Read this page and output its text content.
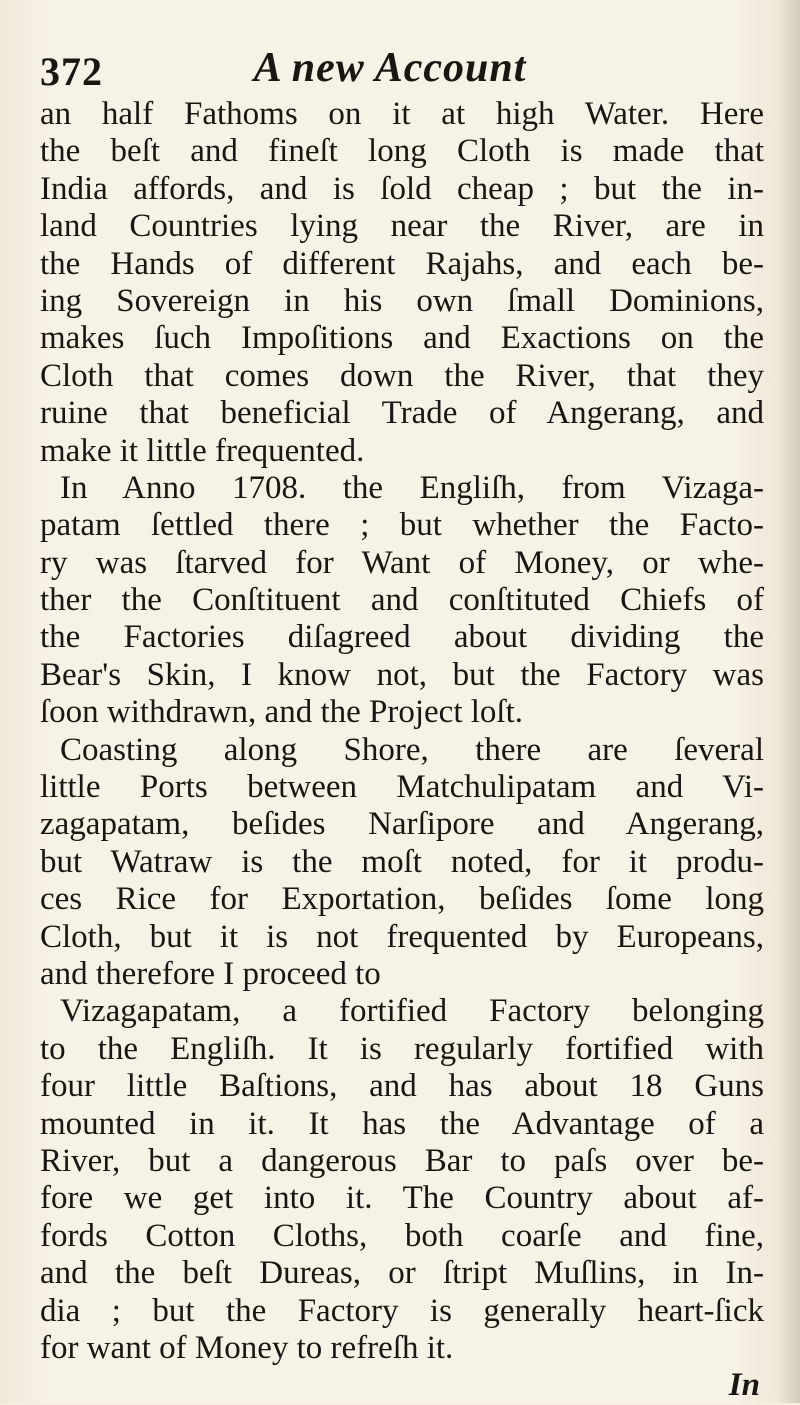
372	A new Account
an half Fathoms on it at high Water. Here
the beſt and fineſt long Cloth is made that
India affords, and is ſold cheap ; but the in-
land Countries lying near the River, are in
the Hands of different Rajahs, and each be-
ing Sovereign in his own ſmall Dominions,
makes ſuch Impoſitions and Exactions on the
Cloth that comes down the River, that they
ruine that beneficial Trade of Angerang, and
make it little frequented.
In Anno 1708. the Engliſh, from Vizaga-
patam ſettled there ; but whether the Facto-
ry was ſtarved for Want of Money, or whe-
ther the Conſtituent and conſtituted Chiefs of
the Factories diſagreed about dividing the
Bear's Skin, I know not, but the Factory was
ſoon withdrawn, and the Project loſt.
Coasting along Shore, there are ſeveral
little Ports between Matchulipatam and Vi-
zagapatam, beſides Narſipore and Angerang,
but Watraw is the moſt noted, for it produ-
ces Rice for Exportation, beſides ſome long
Cloth, but it is not frequented by Europeans,
and therefore I proceed to
Vizagapatam, a fortified Factory belonging
to the Engliſh. It is regularly fortified with
four little Baſtions, and has about 18 Guns
mounted in it. It has the Advantage of a
River, but a dangerous Bar to paſs over be-
fore we get into it. The Country about af-
fords Cotton Cloths, both coarſe and fine,
and the beſt Dureas, or ſtript Muſlins, in In-
dia ; but the Factory is generally heart-ſick
for want of Money to refreſh it.
In
